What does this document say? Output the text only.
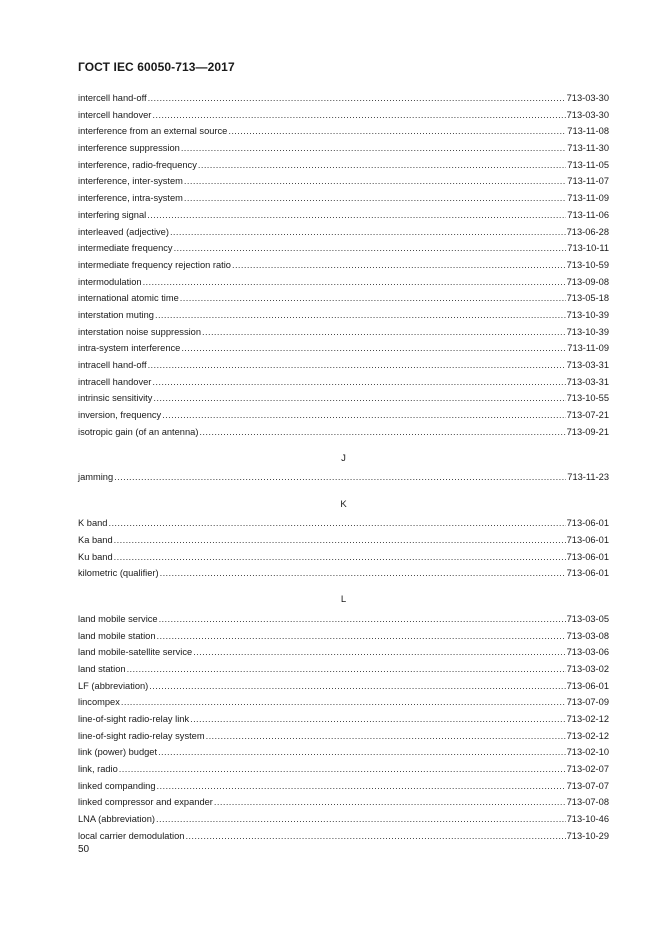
ГОСТ IEC 60050-713—2017
intercell hand-off .....	713-03-30
intercell handover .....	713-03-30
interference from an external source .....	713-11-08
interference suppression .....	713-11-30
interference, radio-frequency .....	713-11-05
interference, inter-system .....	713-11-07
interference, intra-system .....	713-11-09
interfering signal .....	713-11-06
interleaved (adjective) .....	713-06-28
intermediate frequency .....	713-10-11
intermediate frequency rejection ratio .....	713-10-59
intermodulation .....	713-09-08
international atomic time .....	713-05-18
interstation muting .....	713-10-39
interstation noise suppression .....	713-10-39
intra-system interference .....	713-11-09
intracell hand-off .....	713-03-31
intracell handover .....	713-03-31
intrinsic sensitivity .....	713-10-55
inversion, frequency .....	713-07-21
isotropic gain (of an antenna) .....	713-09-21
J
jamming .....	713-11-23
K
K band .....	713-06-01
Ka band .....	713-06-01
Ku band .....	713-06-01
kilometric (qualifier) .....	713-06-01
L
land mobile service .....	713-03-05
land mobile station .....	713-03-08
land mobile-satellite service .....	713-03-06
land station .....	713-03-02
LF (abbreviation) .....	713-06-01
lincompex .....	713-07-09
line-of-sight radio-relay link .....	713-02-12
line-of-sight radio-relay system .....	713-02-12
link (power) budget .....	713-02-10
link, radio .....	713-02-07
linked companding .....	713-07-07
linked compressor and expander .....	713-07-08
LNA (abbreviation) .....	713-10-46
local carrier demodulation .....	713-10-29
50
